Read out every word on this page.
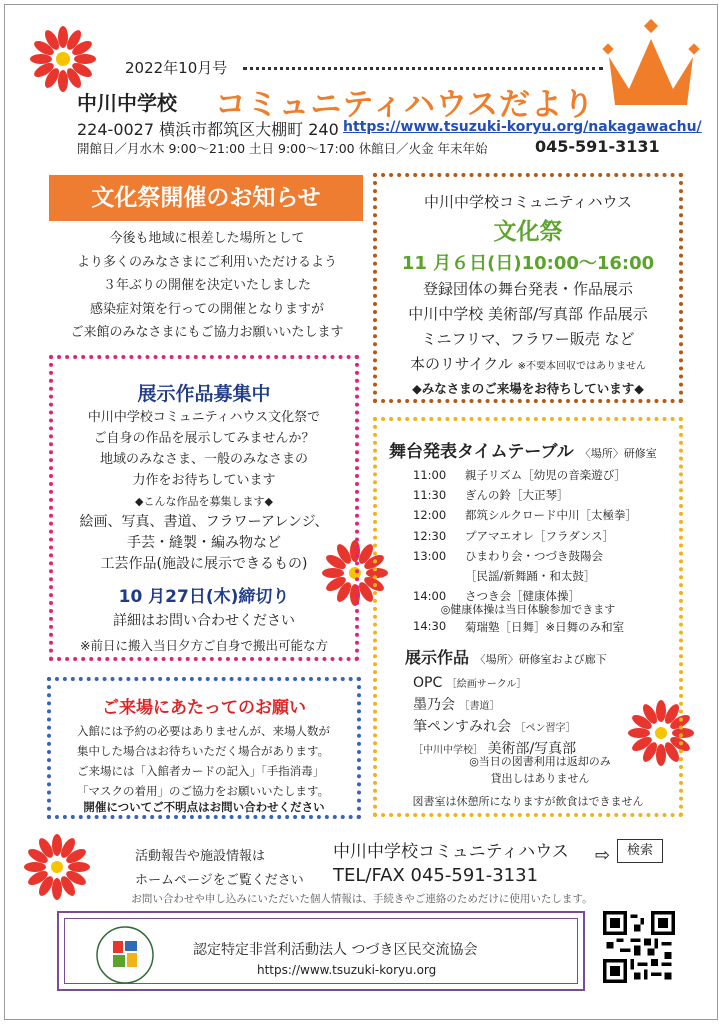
2022年10月号
中川中学校 コミュニティハウスだより
224-0027 横浜市都筑区大棚町 240 https://www.tsuzuki-koryu.org/nakagawachu/
開館日／月水木 9:00～21:00 土日 9:00～17:00 休館日／火金 年末年始	045-591-3131
文化祭開催のお知らせ
今後も地域に根差した場所として
より多くのみなさまにご利用いただけるよう
３年ぶりの開催を決定いたしました
感染症対策を行っての開催となりますが
ご来館のみなさまにもご協力お願いいたします
展示作品募集中
中川中学校コミュニティハウス文化祭で
ご自身の作品を展示してみませんか？
地域のみなさま、一般のみなさまの
力作をお待ちしています
◆こんな作品を募集します◆
絵画、写真、書道、フラワーアレンジ、
手芸・縫製・編み物など
工芸作品(施設に展示できるもの)
10 月27日(木)締切り
詳細はお問い合わせください
※前日に搬入当日夕方ご自身で搬出可能な方
ご来場にあたってのお願い
入館には予約の必要はありませんが、来場人数が
集中した場合はお待ちいただく場合があります。
ご来場には「入館者カードの記入」「手指消毒」
「マスクの着用」のご協力をお願いいたします。
開催についてご不明点はお問い合わせください
中川中学校コミュニティハウス
文化祭
11 月６日(日)10:00～16:00
登録団体の舞台発表・作品展示
中川中学校 美術部/写真部 作品展示
ミニフリマ、フラワー販売 など
本のリサイクル ※不要本回収ではありません
◆みなさまのご来場をお待ちしています◆
舞台発表タイムテーブル 〈場所〉研修室
11:00	親子リズム［幼児の音楽遊び］
11:30	ぎんの鈴［大正琴］
12:00	都筑シルクロード中川［太極拳］
12:30	プアマエオレ［フラダンス］
13:00	ひまわり会・つづき鼓陽会
［民謡/新舞踊・和太鼓］
14:00	さつき会［健康体操］
◎健康体操は当日体験参加できます
14:30	菊瑞塾［日舞］※日舞のみ和室
展示作品 〈場所〉研修室および廊下
OPC ［絵画サークル］
墨乃会 ［書道］
筆ペンすみれ会 ［ペン習字］
［中川中学校］ 美術部/写真部
◎当日の図書利用は返却のみ
貸出しはありません
図書室は休憩所になりますが飲食はできません
活動報告や施設情報は
ホームページをご覧ください
中川中学校コミュニティハウス
TEL/FAX 045-591-3131
⇨	検索
お問い合わせや申し込みにいただいた個人情報は、手続きやご連絡のためだけに使用いたします。
認定特定非営利活動法人 つづき区民交流協会
https://www.tsuzuki-koryu.org
